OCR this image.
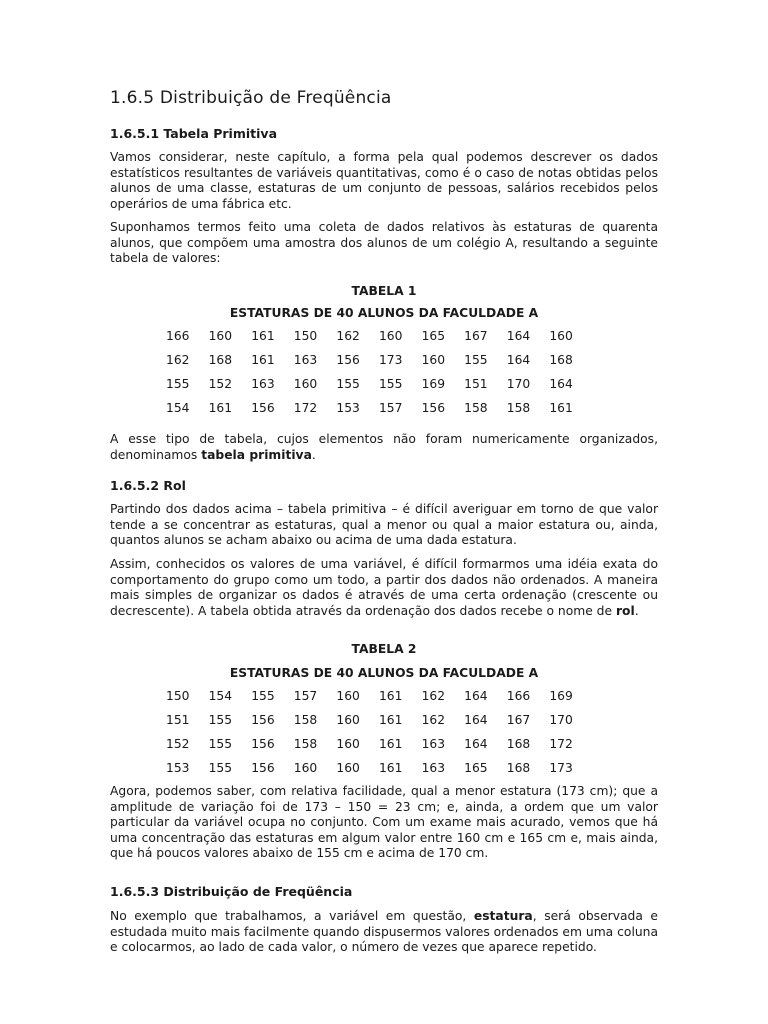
1.6.5 Distribuição de Freqüência
1.6.5.1 Tabela Primitiva

Vamos considerar, neste capítulo, a forma pela qual podemos descrever os dados estatísticos resultantes de variáveis quantitativas, como é o caso de notas obtidas pelos alunos de uma classe, estaturas de um conjunto de pessoas, salários recebidos pelos operários de uma fábrica etc.

Suponhamos termos feito uma coleta de dados relativos às estaturas de quarenta alunos, que compõem uma amostra dos alunos de um colégio A, resultando a seguinte tabela de valores:

TABELA 1
ESTATURAS DE 40 ALUNOS DA FACULDADE A
166	160	161	150	162	160	165	167	164	160
162	168	161	163	156	173	160	155	164	168
155	152	163	160	155	155	169	151	170	164
154	161	156	172	153	157	156	158	158	161

A esse tipo de tabela, cujos elementos não foram numericamente organizados, denominamos tabela primitiva.

1.6.5.2 Rol

Partindo dos dados acima – tabela primitiva – é difícil averiguar em torno de que valor tende a se concentrar as estaturas, qual a menor ou qual a maior estatura ou, ainda, quantos alunos se acham abaixo ou acima de uma dada estatura.

Assim, conhecidos os valores de uma variável, é difícil formarmos uma idéia exata do comportamento do grupo como um todo, a partir dos dados não ordenados. A maneira mais simples de organizar os dados é através de uma certa ordenação (crescente ou decrescente). A tabela obtida através da ordenação dos dados recebe o nome de rol.

TABELA 2
ESTATURAS DE 40 ALUNOS DA FACULDADE A
150	154	155	157	160	161	162	164	166	169
151	155	156	158	160	161	162	164	167	170
152	155	156	158	160	161	163	164	168	172
153	155	156	160	160	161	163	165	168	173

Agora, podemos saber, com relativa facilidade, qual a menor estatura (173 cm); que a amplitude de variação foi de 173 – 150 = 23 cm; e, ainda, a ordem que um valor particular da variável ocupa no conjunto. Com um exame mais acurado, vemos que há uma concentração das estaturas em algum valor entre 160 cm e 165 cm e, mais ainda, que há poucos valores abaixo de 155 cm e acima de 170 cm.

1.6.5.3 Distribuição de Freqüência

No exemplo que trabalhamos, a variável em questão, estatura, será observada e estudada muito mais facilmente quando dispusermos valores ordenados em uma coluna e colocarmos, ao lado de cada valor, o número de vezes que aparece repetido.
